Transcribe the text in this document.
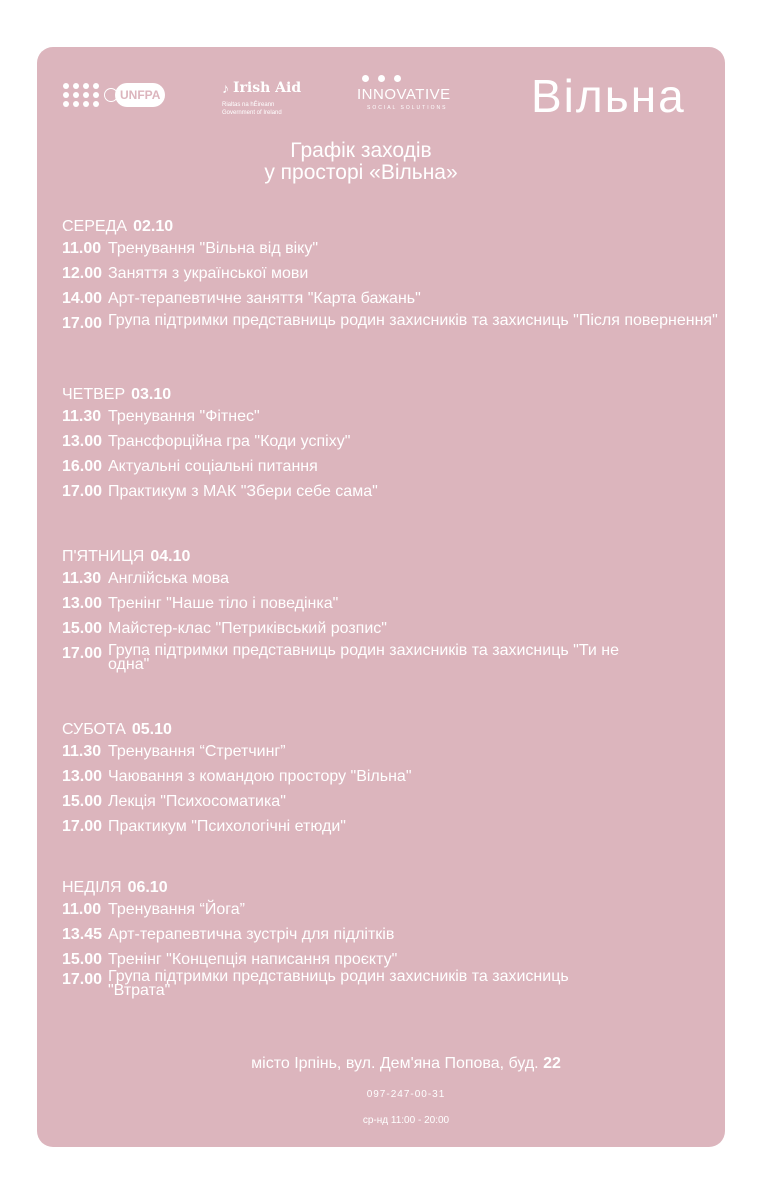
UNFPA	♪ Irish Aid
Rialtas na hÉireann
Government of Ireland
INNOVATIVE
SOCIAL SOLUTIONS	Вільна
Графік заходів
у просторі «Вільна»
СЕРЕДА 02.10
11.00 Тренування "Вільна від віку"
12.00 Заняття з української мови
14.00 Арт-терапевтичне заняття "Карта бажань"
17.00 Група підтримки представниць родин захисників та захисниць "Після повернення"
ЧЕТВЕР 03.10
11.30 Тренування "Фітнес"
13.00 Трансфорційна гра "Коди успіху"
16.00 Актуальні соціальні питання
17.00 Практикум з МАК "Збери себе сама"
П'ЯТНИЦЯ 04.10
11.30 Англійська мова
13.00 Тренінг "Наше тіло і поведінка"
15.00 Майстер-клас "Петриківський розпис"
17.00 Група підтримки представниць родин захисників та захисниць "Ти не одна"
СУБОТА 05.10
11.30 Тренування “Стретчинг”
13.00 Чаювання з командою простору "Вільна"
15.00 Лекція "Психосоматика"
17.00 Практикум "Психологічні етюди"
НЕДІЛЯ 06.10
11.00 Тренування “Йога”
13.45 Арт-терапевтична зустріч для підлітків
15.00 Тренінг "Концепція написання проєкту"
17.00 Група підтримки представниць родин захисників та захисниць "Втрата"
місто Ірпінь, вул. Дем'яна Попова, буд. 22
097-247-00-31
ср-нд 11:00 - 20:00
